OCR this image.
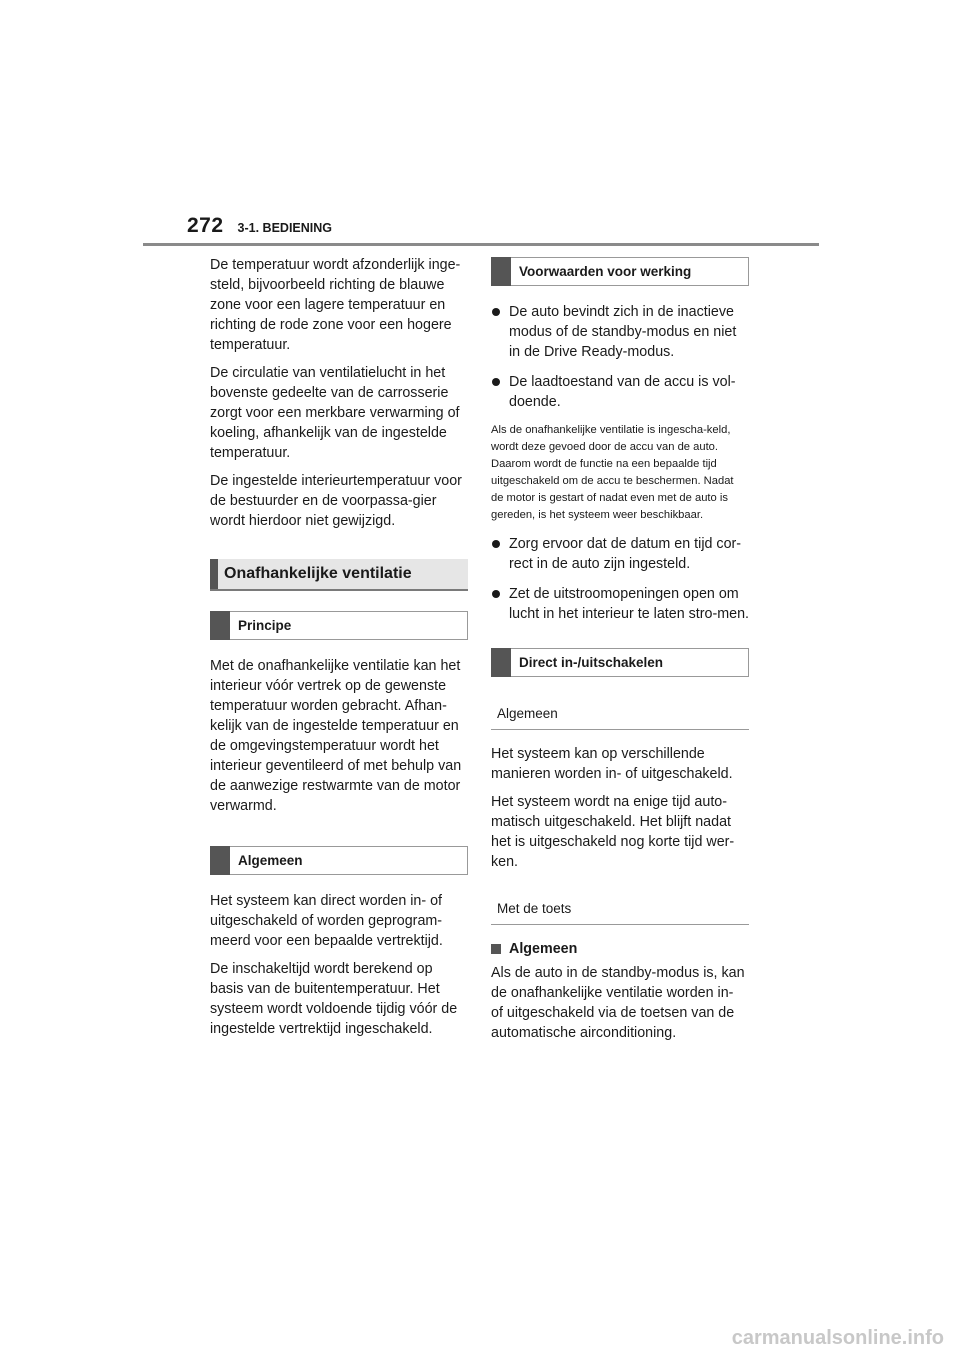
272 3-1. BEDIENING

De temperatuur wordt afzonderlijk inge-steld, bijvoorbeeld richting de blauwe zone voor een lagere temperatuur en richting de rode zone voor een hogere temperatuur.

De circulatie van ventilatielucht in het bovenste gedeelte van de carrosserie zorgt voor een merkbare verwarming of koeling, afhankelijk van de ingestelde temperatuur.

De ingestelde interieurtemperatuur voor de bestuurder en de voorpassa-gier wordt hierdoor niet gewijzigd.

Onafhankelijke ventilatie
Principe

Met de onafhankelijke ventilatie kan het interieur vóór vertrek op de gewenste temperatuur worden gebracht. Afhan-kelijk van de ingestelde temperatuur en de omgevingstemperatuur wordt het interieur geventileerd of met behulp van de aanwezige restwarmte van de motor verwarmd.

Algemeen

Het systeem kan direct worden in- of uitgeschakeld of worden geprogram-meerd voor een bepaalde vertrektijd.

De inschakeltijd wordt berekend op basis van de buitentemperatuur. Het systeem wordt voldoende tijdig vóór de ingestelde vertrektijd ingeschakeld.

Voorwaarden voor werking
De auto bevindt zich in de inactieve modus of de standby-modus en niet in de Drive Ready-modus.
De laadtoestand van de accu is vol-doende.

Als de onafhankelijke ventilatie is ingescha-keld, wordt deze gevoed door de accu van de auto. Daarom wordt de functie na een bepaalde tijd uitgeschakeld om de accu te beschermen. Nadat de motor is gestart of nadat even met de auto is gereden, is het systeem weer beschikbaar.

Zorg ervoor dat de datum en tijd cor-rect in de auto zijn ingesteld.
Zet de uitstroomopeningen open om lucht in het interieur te laten stro-men.
Direct in-/uitschakelen
Algemeen

Het systeem kan op verschillende manieren worden in- of uitgeschakeld.

Het systeem wordt na enige tijd auto-matisch uitgeschakeld. Het blijft nadat het is uitgeschakeld nog korte tijd wer-ken.

Met de toets
Algemeen

Als de auto in de standby-modus is, kan de onafhankelijke ventilatie worden in- of uitgeschakeld via de toetsen van de automatische airconditioning.

carmanualsonline.info
